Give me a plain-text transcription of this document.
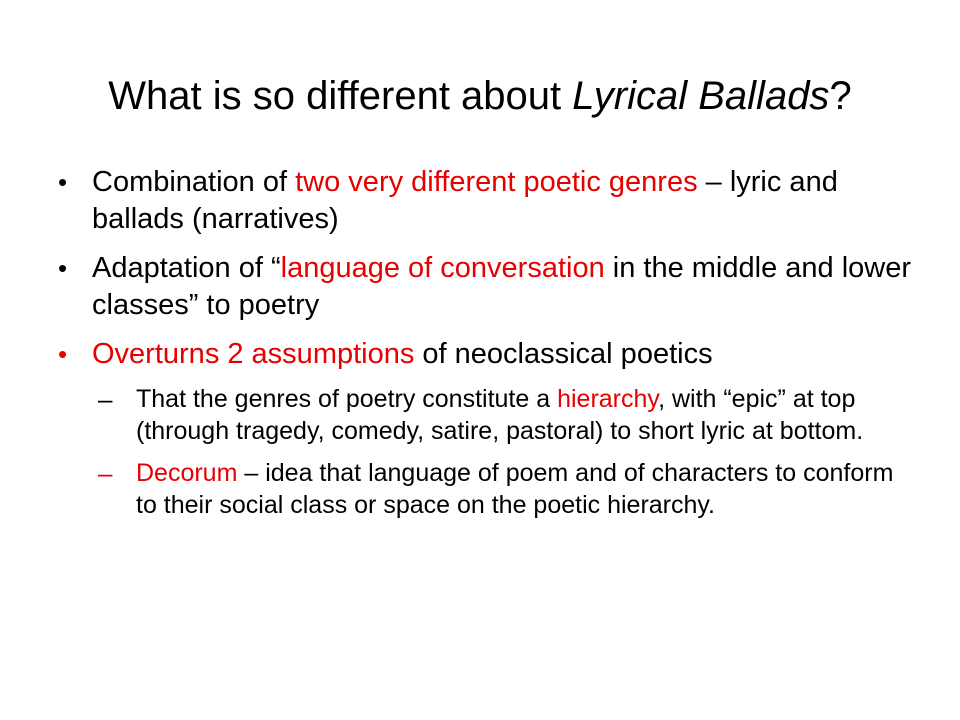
What is so different about Lyrical Ballads?
• Combination of two very different poetic genres – lyric and ballads (narratives)
• Adaptation of “language of conversation in the middle and lower classes” to poetry
• Overturns 2 assumptions of neoclassical poetics
– That the genres of poetry constitute a hierarchy, with “epic” at top (through tragedy, comedy, satire, pastoral) to short lyric at bottom.
– Decorum – idea that language of poem and of characters to conform to their social class or space on the poetic hierarchy.
